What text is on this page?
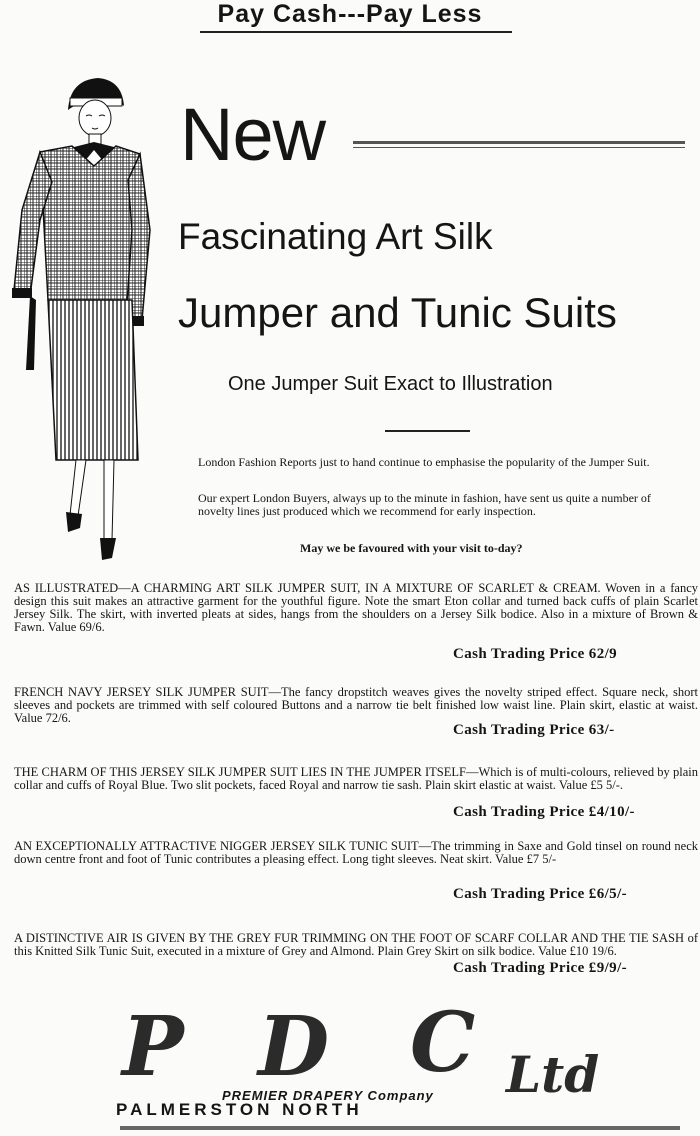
Pay Cash---Pay Less
New
Fascinating Art Silk
Jumper and Tunic Suits
One Jumper Suit Exact to Illustration
London Fashion Reports just to hand continue to emphasise the popularity of the Jumper Suit.
Our expert London Buyers, always up to the minute in fashion, have sent us quite a number of novelty lines just produced which we recommend for early inspection.
May we be favoured with your visit to-day?
AS ILLUSTRATED—A CHARMING ART SILK JUMPER SUIT, IN A MIXTURE OF SCARLET & CREAM. Woven in a fancy design this suit makes an attractive garment for the youthful figure. Note the smart Eton collar and turned back cuffs of plain Scarlet Jersey Silk. The skirt, with inverted pleats at sides, hangs from the shoulders on a Jersey Silk bodice. Also in a mixture of Brown & Fawn. Value 69/6.
Cash Trading Price 62/9
FRENCH NAVY JERSEY SILK JUMPER SUIT—The fancy dropstitch weaves gives the novelty striped effect. Square neck, short sleeves and pockets are trimmed with self coloured Buttons and a narrow tie belt finished low waist line. Plain skirt, elastic at waist. Value 72/6.
Cash Trading Price 63/-
THE CHARM OF THIS JERSEY SILK JUMPER SUIT LIES IN THE JUMPER ITSELF—Which is of multi-colours, relieved by plain collar and cuffs of Royal Blue. Two slit pockets, faced Royal and narrow tie sash. Plain skirt elastic at waist. Value £5 5/-.
Cash Trading Price £4/10/-
AN EXCEPTIONALLY ATTRACTIVE NIGGER JERSEY SILK TUNIC SUIT—The trimming in Saxe and Gold tinsel on round neck down centre front and foot of Tunic contributes a pleasing effect. Long tight sleeves. Neat skirt. Value £7 5/-
Cash Trading Price £6/5/-
A DISTINCTIVE AIR IS GIVEN BY THE GREY FUR TRIMMING ON THE FOOT OF SCARF COLLAR AND THE TIE SASH of this Knitted Silk Tunic Suit, executed in a mixture of Grey and Almond. Plain Grey Skirt on silk bodice. Value £10 19/6.
Cash Trading Price £9/9/-
P D C Ltd
PREMIER DRAPERY Company
PALMERSTON NORTH
